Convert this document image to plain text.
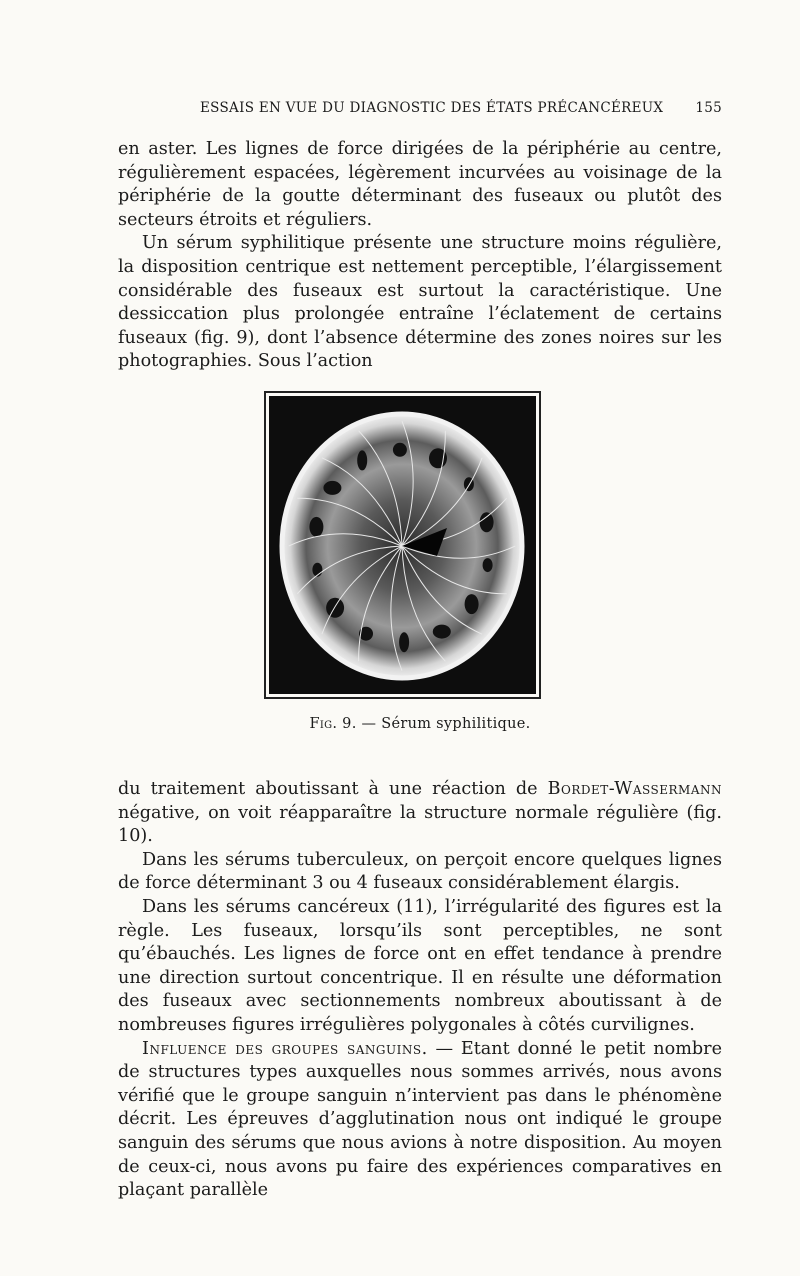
ESSAIS EN VUE DU DIAGNOSTIC DES ÉTATS PRÉCANCÉREUX 155

en aster. Les lignes de force dirigées de la périphérie au centre, régulièrement espacées, légèrement incurvées au voisinage de la périphérie de la goutte déterminant des fuseaux ou plutôt des secteurs étroits et réguliers.

Un sérum syphilitique présente une structure moins régulière, la disposition centrique est nettement perceptible, l’élargissement considérable des fuseaux est surtout la caractéristique. Une dessiccation plus prolongée entraîne l’éclatement de certains fuseaux (fig. 9), dont l’absence détermine des zones noires sur les photographies. Sous l’action

Fig. 9. — Sérum syphilitique.

du traitement aboutissant à une réaction de Bordet-Wassermann négative, on voit réapparaître la structure normale régulière (fig. 10).

Dans les sérums tuberculeux, on perçoit encore quelques lignes de force déterminant 3 ou 4 fuseaux considérablement élargis.

Dans les sérums cancéreux (11), l’irrégularité des figures est la règle. Les fuseaux, lorsqu’ils sont perceptibles, ne sont qu’ébauchés. Les lignes de force ont en effet tendance à prendre une direction surtout concentrique. Il en résulte une déformation des fuseaux avec sectionnements nombreux aboutissant à de nombreuses figures irrégulières polygonales à côtés curvilignes.

Influence des groupes sanguins. — Etant donné le petit nombre de structures types auxquelles nous sommes arrivés, nous avons vérifié que le groupe sanguin n’intervient pas dans le phénomène décrit. Les épreuves d’agglutination nous ont indiqué le groupe sanguin des sérums que nous avions à notre disposition. Au moyen de ceux-ci, nous avons pu faire des expériences comparatives en plaçant parallèle
